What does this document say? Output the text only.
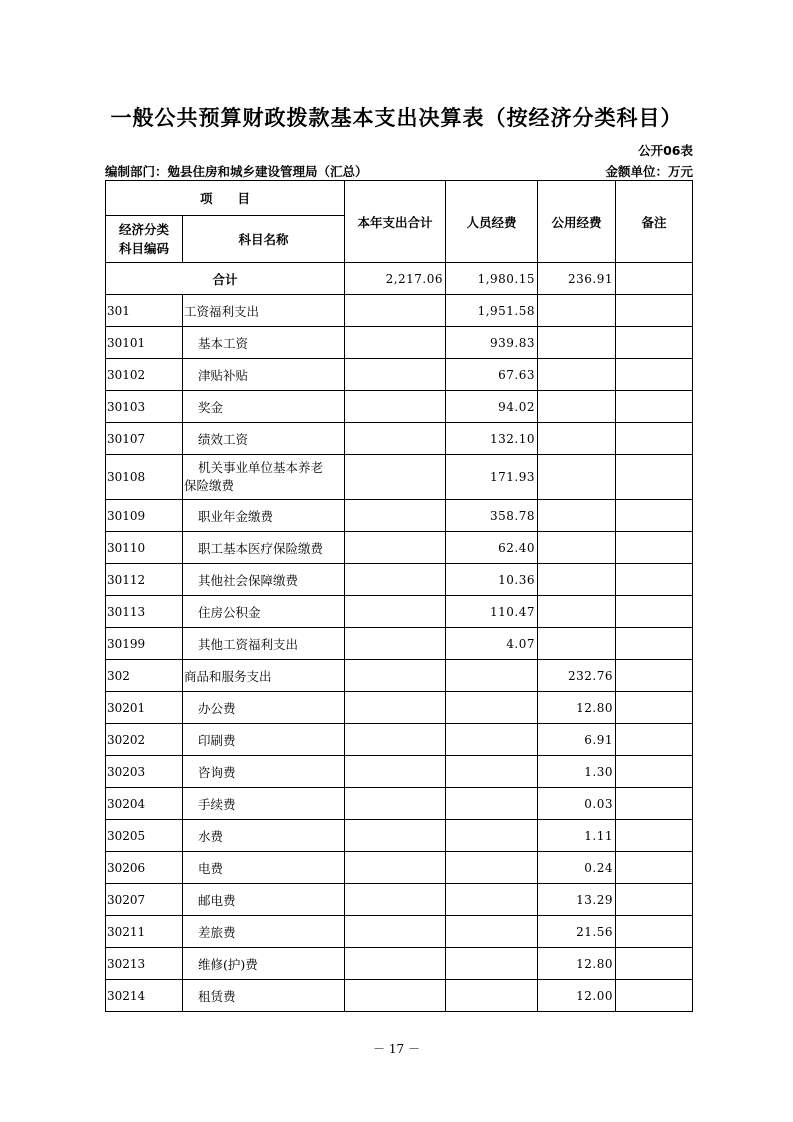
一般公共预算财政拨款基本支出决算表（按经济分类科目）
公开06表
编制部门：勉县住房和城乡建设管理局（汇总）	金额单位：万元
项　　目		本年支出合计	人员经费	公用经费	备注

经济分类
科目编码	科目名称				
合计		2,217.06	1,980.15	236.91	
301	工资福利支出		1,951.58		
30101	基本工资		939.83		
30102	津贴补贴		67.63		
30103	奖金		94.02		
30107	绩效工资		132.10		
30108	机关事业单位基本养老
保险缴费		171.93		
30109	职业年金缴费		358.78		
30110	职工基本医疗保险缴费		62.40		
30112	其他社会保障缴费		10.36		
30113	住房公积金		110.47		
30199	其他工资福利支出		4.07		
302	商品和服务支出			232.76	
30201	办公费			12.80	
30202	印刷费			6.91	
30203	咨询费			1.30	
30204	手续费			0.03	
30205	水费			1.11	
30206	电费			0.24	
30207	邮电费			13.29	
30211	差旅费			21.56	
30213	维修(护)费			12.80	
30214	租赁费			12.00	
－ 17 －
